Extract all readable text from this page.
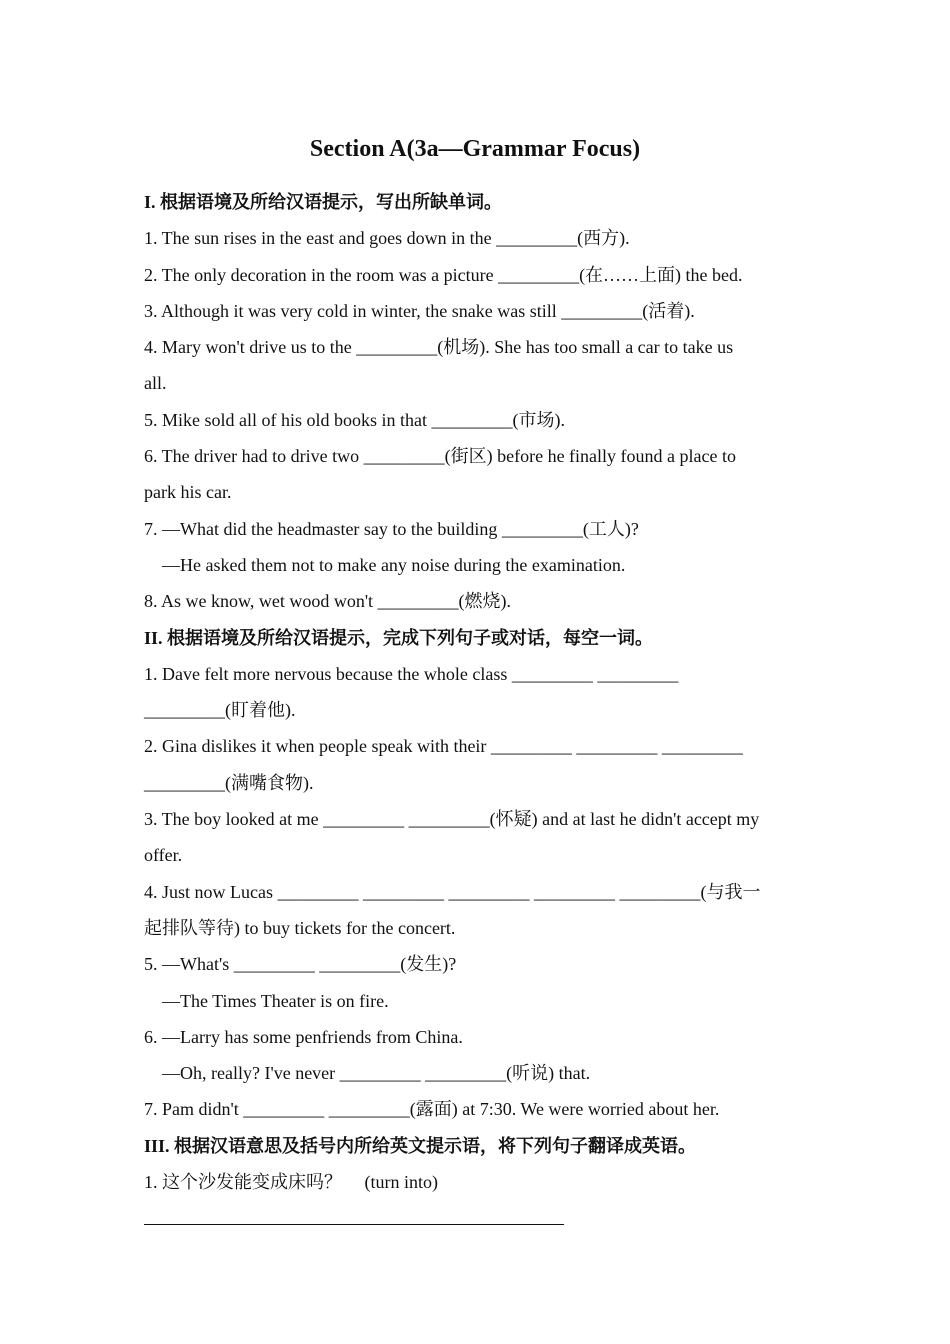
Section A(3a—Grammar Focus)
I. 根据语境及所给汉语提示，写出所缺单词。
1. The sun rises in the east and goes down in the _________(西方).
2. The only decoration in the room was a picture _________(在……上面) the bed.
3. Although it was very cold in winter, the snake was still _________(活着).
4. Mary won't drive us to the _________(机场). She has too small a car to take us
all.
5. Mike sold all of his old books in that _________(市场).
6. The driver had to drive two _________(街区) before he finally found a place to
park his car.
7. —What did the headmaster say to the building _________(工人)?
—He asked them not to make any noise during the examination.
8. As we know, wet wood won't _________(燃烧).
II. 根据语境及所给汉语提示，完成下列句子或对话，每空一词。
1. Dave felt more nervous because the whole class _________ _________
_________(盯着他).
2. Gina dislikes it when people speak with their _________ _________ _________
_________(满嘴食物).
3. The boy looked at me _________ _________(怀疑) and at last he didn't accept my
offer.
4. Just now Lucas _________ _________ _________ _________ _________(与我一
起排队等待) to buy tickets for the concert.
5. —What's _________ _________(发生)?
—The Times Theater is on fire.
6. —Larry has some penfriends from China.
—Oh, really? I've never _________ _________(听说) that.
7. Pam didn't _________ _________(露面) at 7:30. We were worried about her.
III. 根据汉语意思及括号内所给英文提示语，将下列句子翻译成英语。
1. 这个沙发能变成床吗？　 (turn into)
